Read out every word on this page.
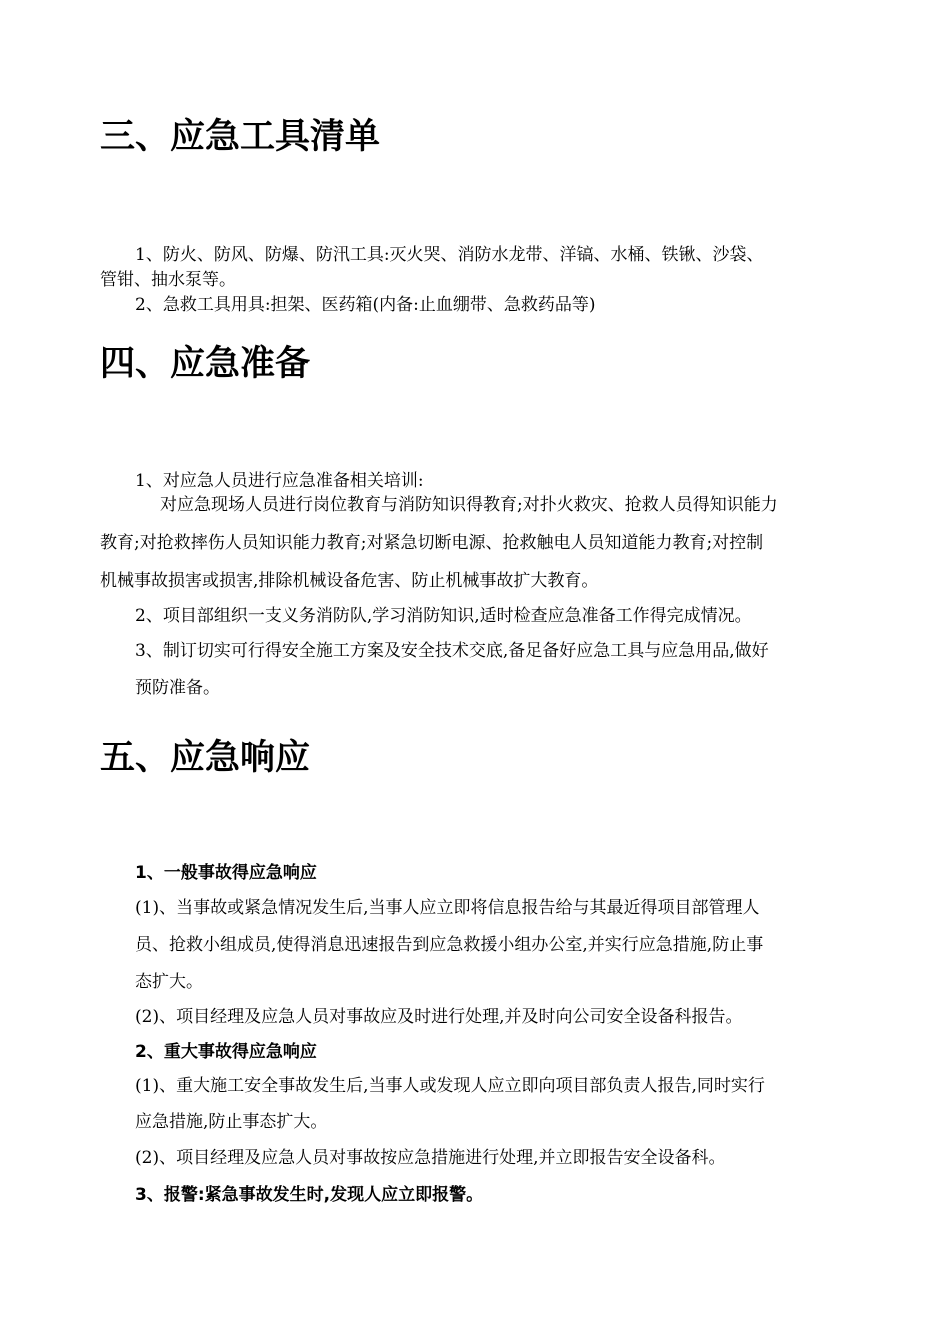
三、应急工具清单

1、防火、防风、防爆、防汛工具:灭火哭、消防水龙带、洋镐、水桶、铁锹、沙袋、

管钳、抽水泵等。

2、急救工具用具:担架、医药箱(内备:止血绷带、急救药品等)

四、应急准备

1、对应急人员进行应急准备相关培训:

对应急现场人员进行岗位教育与消防知识得教育;对扑火救灾、抢救人员得知识能力

教育;对抢救摔伤人员知识能力教育;对紧急切断电源、抢救触电人员知道能力教育;对控制

机械事故损害或损害,排除机械设备危害、防止机械事故扩大教育。

2、项目部组织一支义务消防队,学习消防知识,适时检查应急准备工作得完成情况。

3、制订切实可行得安全施工方案及安全技术交底,备足备好应急工具与应急用品,做好

预防准备。

五、应急响应

1、一般事故得应急响应

(1)、当事故或紧急情况发生后,当事人应立即将信息报告给与其最近得项目部管理人

员、抢救小组成员,使得消息迅速报告到应急救援小组办公室,并实行应急措施,防止事

态扩大。

(2)、项目经理及应急人员对事故应及时进行处理,并及时向公司安全设备科报告。

2、重大事故得应急响应

(1)、重大施工安全事故发生后,当事人或发现人应立即向项目部负责人报告,同时实行

应急措施,防止事态扩大。

(2)、项目经理及应急人员对事故按应急措施进行处理,并立即报告安全设备科。

3、报警:紧急事故发生时,发现人应立即报警。
